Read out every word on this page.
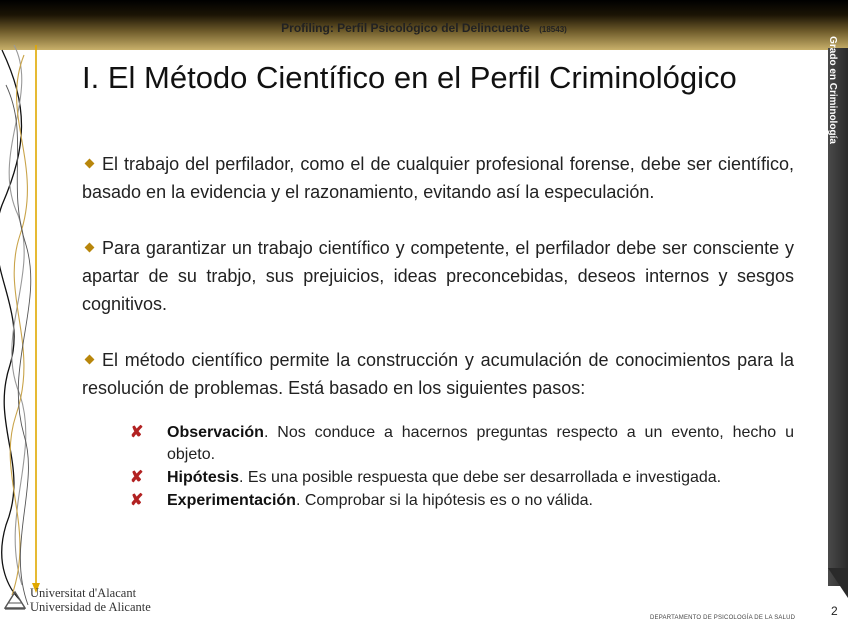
Profiling: Perfil Psicológico del Delincuente (18543)
Grado en Criminología
I. El Método Científico en el Perfil Criminológico

El trabajo del perfilador, como el de cualquier profesional forense, debe ser científico, basado en la evidencia y el razonamiento, evitando así la especulación.

Para garantizar un trabajo científico y competente, el perfilador debe ser consciente y apartar de su trabjo, sus prejuicios, ideas preconcebidas, deseos internos y sesgos cognitivos.

El método científico permite la construcción y acumulación de conocimientos para la resolución de problemas. Está basado en los siguientes pasos:

✘ Observación. Nos conduce a hacernos preguntas respecto a un evento, hecho u objeto.
✘ Hipótesis. Es una posible respuesta que debe ser desarrollada e investigada.
✘ Experimentación. Comprobar si la hipótesis es o no válida.
Universitat d'Alacant
Universidad de Alicante
DEPARTAMENTO DE PSICOLOGÍA DE LA SALUD	2
